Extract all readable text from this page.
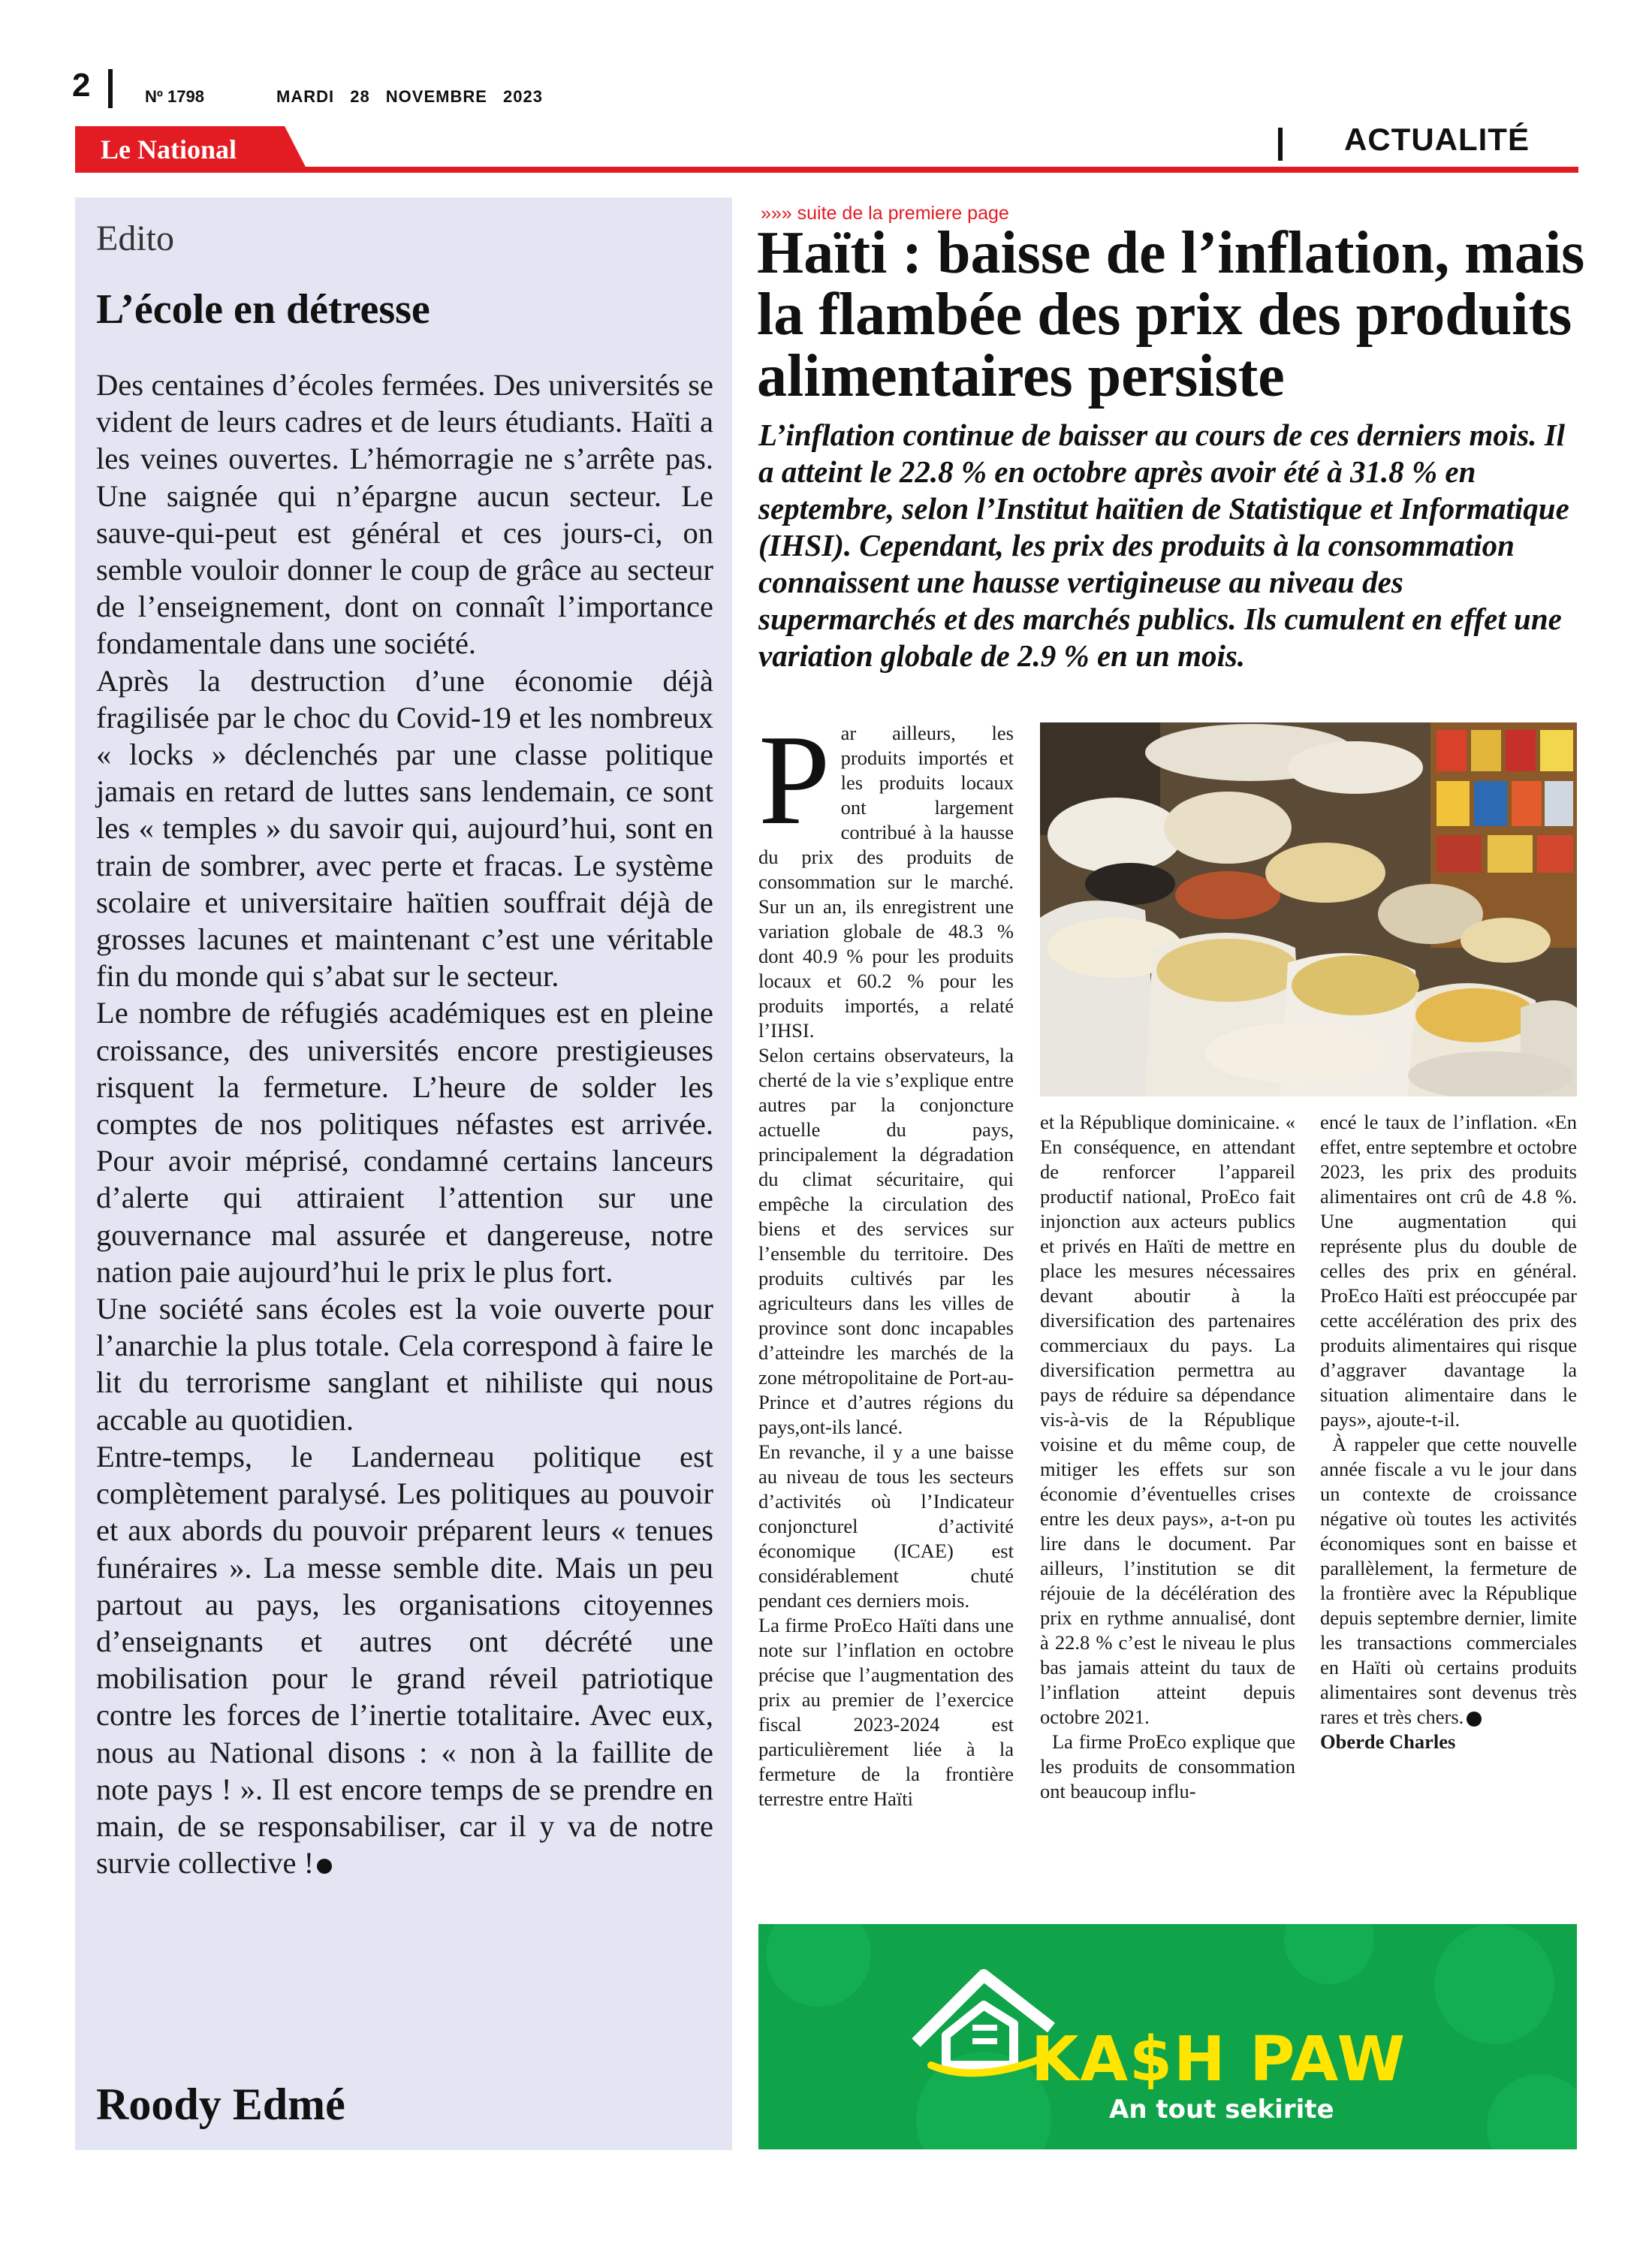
2	Nº 1798	MARDI 28 NOVEMBRE 2023
Le National	ACTUALITÉ
Edito
L’école en détresse

Des centaines d’écoles fermées. Des universités se vident de leurs cadres et de leurs étudiants. Haïti a les veines ouvertes. L’hémorragie ne s’arrête pas. Une saignée qui n’épargne aucun secteur. Le sauve-qui-peut est général et ces jours-ci, on semble vouloir donner le coup de grâce au secteur de l’enseignement, dont on connaît l’importance fondamentale dans une société.

Après la destruction d’une économie déjà fragilisée par le choc du Covid-19 et les nombreux « locks » déclenchés par une classe politique jamais en retard de luttes sans lendemain, ce sont les « temples » du savoir qui, aujourd’hui, sont en train de sombrer, avec perte et fracas. Le système scolaire et universitaire haïtien souffrait déjà de grosses lacunes et maintenant c’est une véritable fin du monde qui s’abat sur le secteur.

Le nombre de réfugiés académiques est en pleine croissance, des universités encore prestigieuses risquent la fermeture. L’heure de solder les comptes de nos politiques néfastes est arrivée. Pour avoir méprisé, condamné certains lanceurs d’alerte qui attiraient l’attention sur une gouvernance mal assurée et dangereuse, notre nation paie aujourd’hui le prix le plus fort.

Une société sans écoles est la voie ouverte pour l’anarchie la plus totale. Cela correspond à faire le lit du terrorisme sanglant et nihiliste qui nous accable au quotidien.

Entre-temps, le Landerneau politique est complètement paralysé. Les politiques au pouvoir et aux abords du pouvoir préparent leurs « tenues funéraires ». La messe semble dite. Mais un peu partout au pays, les organisations citoyennes d’enseignants et autres ont décrété une mobilisation pour le grand réveil patriotique contre les forces de l’inertie totalitaire. Avec eux, nous au National disons : « non à la faillite de note pays ! ». Il est encore temps de se prendre en main, de se responsabiliser, car il y va de notre survie collective !

Roody Edmé
»»» suite de la premiere page
Haïti : baisse de l’inflation, mais la flambée des prix des produits alimentaires persiste
L’inflation continue de baisser au cours de ces derniers mois. Il a atteint le 22.8 % en octobre après avoir été à 31.8 % en septembre, selon l’Institut haïtien de Statistique et Informatique (IHSI). Cependant, les prix des produits à la consommation connaissent une hausse vertigineuse au niveau des supermarchés et des marchés publics. Ils cumulent en effet une variation globale de 2.9 % en un mois.

Par ailleurs, les produits importés et les produits locaux ont largement contribué à la hausse du prix des produits de consommation sur le marché. Sur un an, ils enregistrent une variation globale de 48.3 % dont 40.9 % pour les produits locaux et 60.2 % pour les produits importés, a relaté l’IHSI.

Selon certains observateurs, la cherté de la vie s’explique entre autres par la conjoncture actuelle du pays, principalement la dégradation du climat sécuritaire, qui empêche la circulation des biens et des services sur l’ensemble du territoire. Des produits cultivés par les agriculteurs dans les villes de province sont donc incapables d’atteindre les marchés de la zone métropolitaine de Port-au-Prince et d’autres régions du pays,ont-ils lancé.

En revanche, il y a une baisse au niveau de tous les secteurs d’activités où l’Indicateur conjoncturel d’activité économique (ICAE) est considérablement chuté pendant ces derniers mois.

La firme ProEco Haïti dans une note sur l’inflation en octobre précise que l’augmentation des prix au premier de l’exercice fiscal 2023-2024 est particulièrement liée à la fermeture de la frontière terrestre entre Haïti

et la République dominicaine. « En conséquence, en attendant de renforcer l’appareil productif national, ProEco fait injonction aux acteurs publics et privés en Haïti de mettre en place les mesures nécessaires devant aboutir à la diversification des partenaires commerciaux du pays. La diversification permettra au pays de réduire sa dépendance vis-à-vis de la République voisine et du même coup, de mitiger les effets sur son économie d’éventuelles crises entre les deux pays», a-t-on pu lire dans le document. Par ailleurs, l’institution se dit réjouie de la décélération des prix en rythme annualisé, dont à 22.8 % c’est le niveau le plus bas jamais atteint du taux de l’inflation atteint depuis octobre 2021.

La firme ProEco explique que les produits de consommation ont beaucoup influ-

encé le taux de l’inflation. «En effet, entre septembre et octobre 2023, les prix des produits alimentaires ont crû de 4.8 %. Une augmentation qui représente plus du double de celles des prix en général. ProEco Haïti est préoccupée par cette accélération des prix des produits alimentaires qui risque d’aggraver davantage la situation alimentaire dans le pays», ajoute-t-il.

À rappeler que cette nouvelle année fiscale a vu le jour dans un contexte de croissance négative où toutes les activités économiques sont en baisse et parallèlement, la fermeture de la frontière avec la République depuis septembre dernier, limite les transactions commerciales en Haïti où certains produits alimentaires sont devenus très rares et très chers.

Oberde Charles

KA$H PAW
An tout sekirite
